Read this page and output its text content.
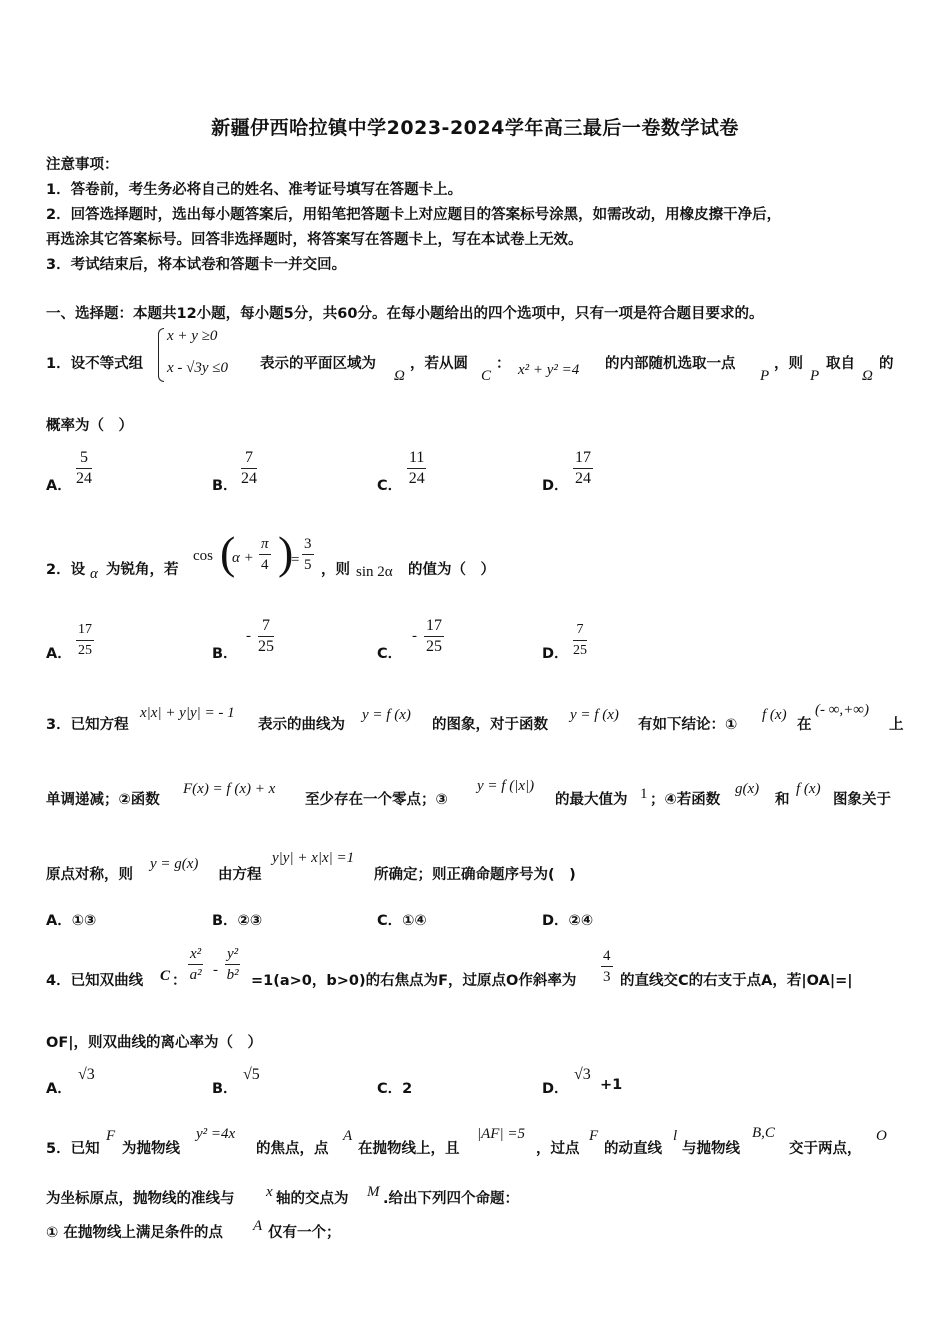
新疆伊西哈拉镇中学2023-2024学年高三最后一卷数学试卷
注意事项：
1．答卷前，考生务必将自己的姓名、准考证号填写在答题卡上。
2．回答选择题时，选出每小题答案后，用铅笔把答题卡上对应题目的答案标号涂黑，如需改动，用橡皮擦干净后，
再选涂其它答案标号。回答非选择题时，将答案写在答题卡上，写在本试卷上无效。
3．考试结束后，将本试卷和答题卡一并交回。
一、选择题：本题共12小题，每小题5分，共60分。在每小题给出的四个选项中，只有一项是符合题目要求的。
1．设不等式组
x + y ≥0
x - √3y ≤0 表示的平面区域为
Ω
，若从圆
C
： x² + y² =4 的内部随机选取一点
P
，则
P
取自
Ω
的
概率为（　）
A． $\frac{5}{24}$	B． $\frac{7}{24}$	C． $\frac{11}{24}$	D． $\frac{17}{24}$
2．设 α 为锐角，若
cos (
$\alpha + \frac{\pi}{4}$ )
= $\frac{3}{5}$ ，则 sin 2α 的值为（　）
A． $\frac{17}{25}$	B．
- $\frac{7}{25}$	C．
- $\frac{17}{25}$	D． $\frac{7}{25}$
3．已知方程
x|x| + y|y| = - 1
表示的曲线为
y = f (x)
的图象，对于函数
y = f (x)
有如下结论：①
f (x)
在
(- ∞,+∞)
上
单调递减；②函数
F(x) = f (x) + x
至少存在一个零点；③
y = f (|x|)
的最大值为 1 ；④若函数
g(x)
和
f (x)
图象关于
原点对称，则
y = g(x)
由方程
y|y| + x|x| =1
所确定；则正确命题序号为(　)
A．①③	B．②③	C．①④	D．②④
4．已知双曲线 C ： $\frac{\text{x²}}{\text{a²}} - \frac{\text{y²}}{\text{b²}} =1(a>0$，b>0)的右焦点为F，过原点O作斜率为 $\frac{4}{3}$ 的直线交C的右支于点A，若|OA|=|
OF|，则双曲线的离心率为（　）
A．
√3
B．
√5
C．2	D．
√3
+1
5．已知
F
为抛物线
y² =4x
的焦点，点
A
在抛物线上，且
|AF| =5
，过点
F
的动直线
l
与抛物线
B,C
交于两点，
O
为坐标原点，抛物线的准线与 x 轴的交点为 M .给出下列四个命题：
① 在抛物线上满足条件的点 A 仅有一个；
